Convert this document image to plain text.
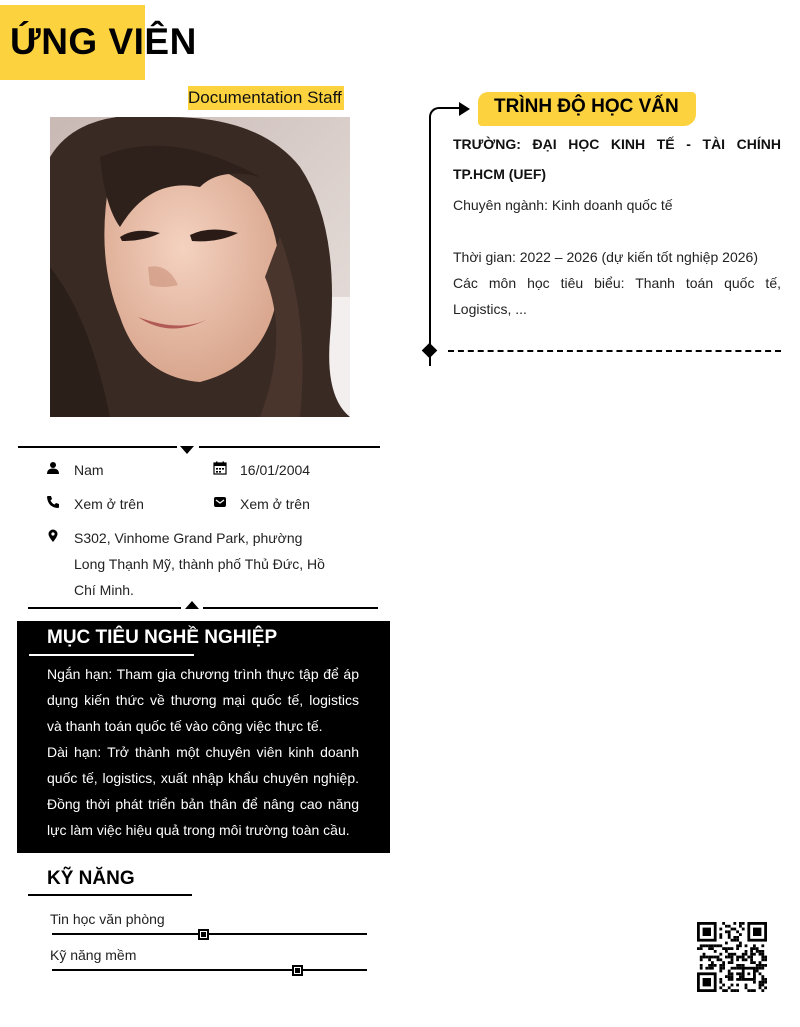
ỨNG VIÊN
Documentation Staff
Nam	16/01/2004
Xem ở trên	Xem ở trên
S302, Vinhome Grand Park, phường Long Thạnh Mỹ, thành phố Thủ Đức, Hồ Chí Minh.
MỤC TIÊU NGHỀ NGHIỆP
Ngắn hạn: Tham gia chương trình thực tập để áp dụng kiến thức về thương mại quốc tế, logistics và thanh toán quốc tế vào công việc thực tế.
Dài hạn: Trở thành một chuyên viên kinh doanh quốc tế, logistics, xuất nhập khẩu chuyên nghiệp. Đồng thời phát triển bản thân để nâng cao năng lực làm việc hiệu quả trong môi trường toàn cầu.
KỸ NĂNG
Tin học văn phòng
Kỹ năng mềm
TRÌNH ĐỘ HỌC VẤN
TRƯỜNG: ĐẠI HỌC KINH TẾ - TÀI CHÍNH TP.HCM (UEF)
Chuyên ngành: Kinh doanh quốc tế
Thời gian: 2022 – 2026 (dự kiến tốt nghiệp 2026)
Các môn học tiêu biểu: Thanh toán quốc tế, Logistics, ...
